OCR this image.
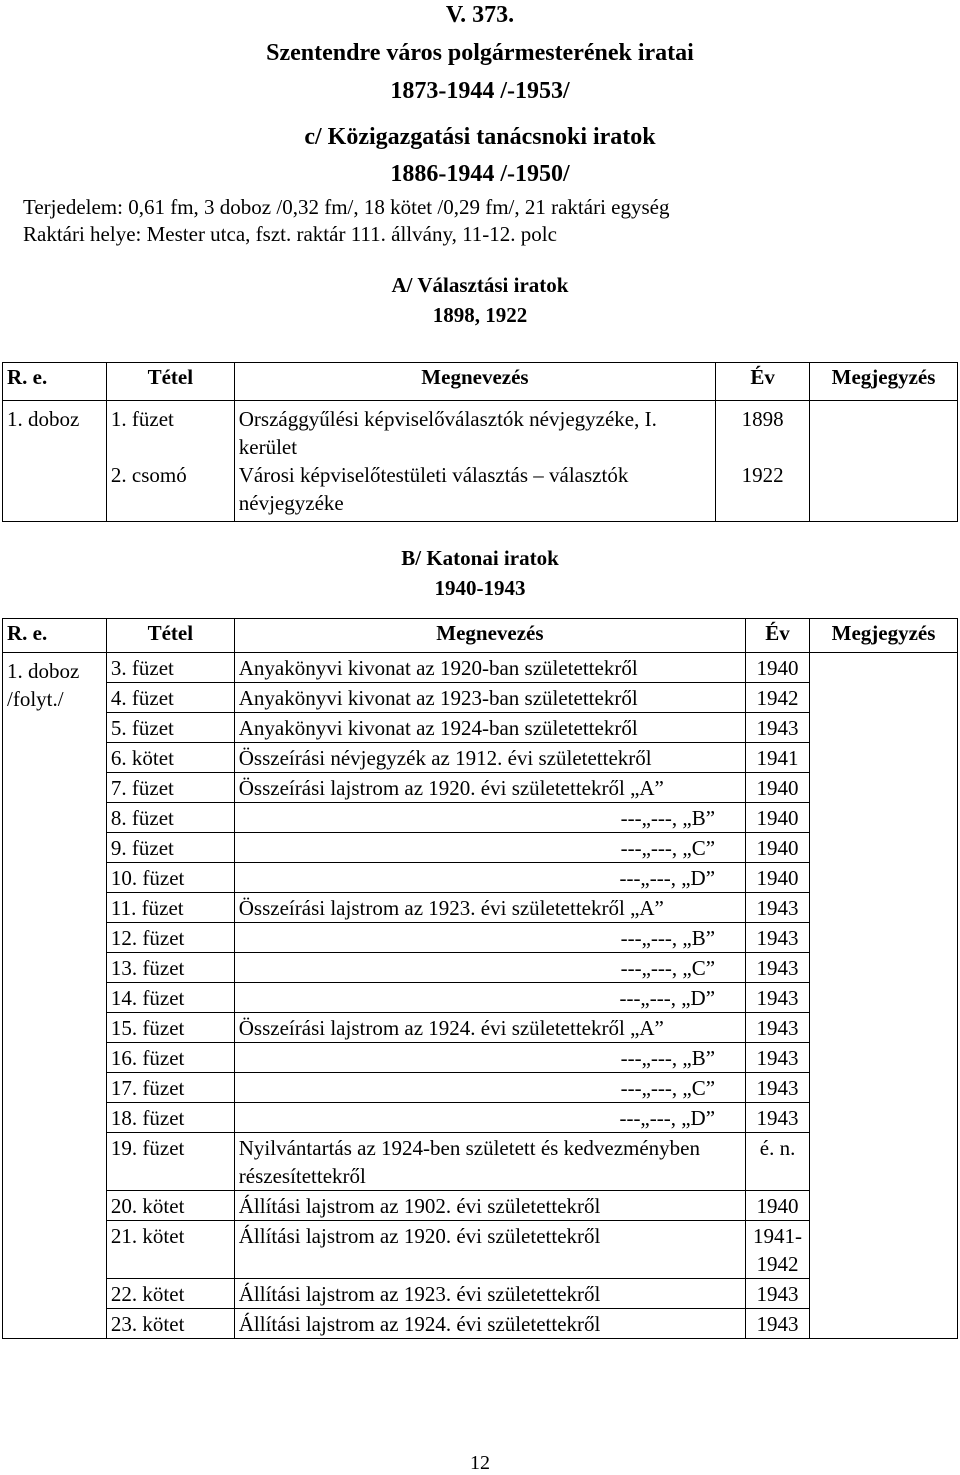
V. 373.
Szentendre város polgármesterének iratai
1873-1944 /-1953/
c/ Közigazgatási tanácsnoki iratok
1886-1944 /-1950/
Terjedelem: 0,61 fm, 3 doboz /0,32 fm/, 18 kötet /0,29 fm/, 21 raktári egység
Raktári helye: Mester utca, fszt. raktár 111. állvány, 11-12. polc
A/ Választási iratok
1898, 1922
R. e.	Tétel	Megnevezés	Év	Megjegyzés
1. doboz	1. füzet	Országgyűlési képviselőválasztók névjegyzéke, I. kerület	1898	
	2. csomó	Városi képviselőtestületi választás – választók névjegyzéke	1922	
B/ Katonai iratok
1940-1943
R. e.	Tétel	Megnevezés	Év	Megjegyzés
1. doboz /folyt./	3. füzet	Anyakönyvi kivonat az 1920-ban születettekről	1940	
	4. füzet	Anyakönyvi kivonat az 1923-ban születettekről	1942	
	5. füzet	Anyakönyvi kivonat az 1924-ban születettekről	1943	
	6. kötet	Összeírási névjegyzék az 1912. évi születettekről	1941	
	7. füzet	Összeírási lajstrom az 1920. évi születettekről „A”	1940	
	8. füzet	---„---, „B”	1940	
	9. füzet	---„---, „C”	1940	
	10. füzet	---„---, „D”	1940	
	11. füzet	Összeírási lajstrom az 1923. évi születettekről „A”	1943	
	12. füzet	---„---, „B”	1943	
	13. füzet	---„---, „C”	1943	
	14. füzet	---„---, „D”	1943	
	15. füzet	Összeírási lajstrom az 1924. évi születettekről „A”	1943	
	16. füzet	---„---, „B”	1943	
	17. füzet	---„---, „C”	1943	
	18. füzet	---„---, „D”	1943	
	19. füzet	Nyilvántartás az 1924-ben született és kedvezményben részesítettekről	é. n.	
	20. kötet	Állítási lajstrom az 1902. évi születettekről	1940	
	21. kötet	Állítási lajstrom az 1920. évi születettekről	1941-1942	
	22. kötet	Állítási lajstrom az 1923. évi születettekről	1943	
	23. kötet	Állítási lajstrom az 1924. évi születettekről	1943	
12
